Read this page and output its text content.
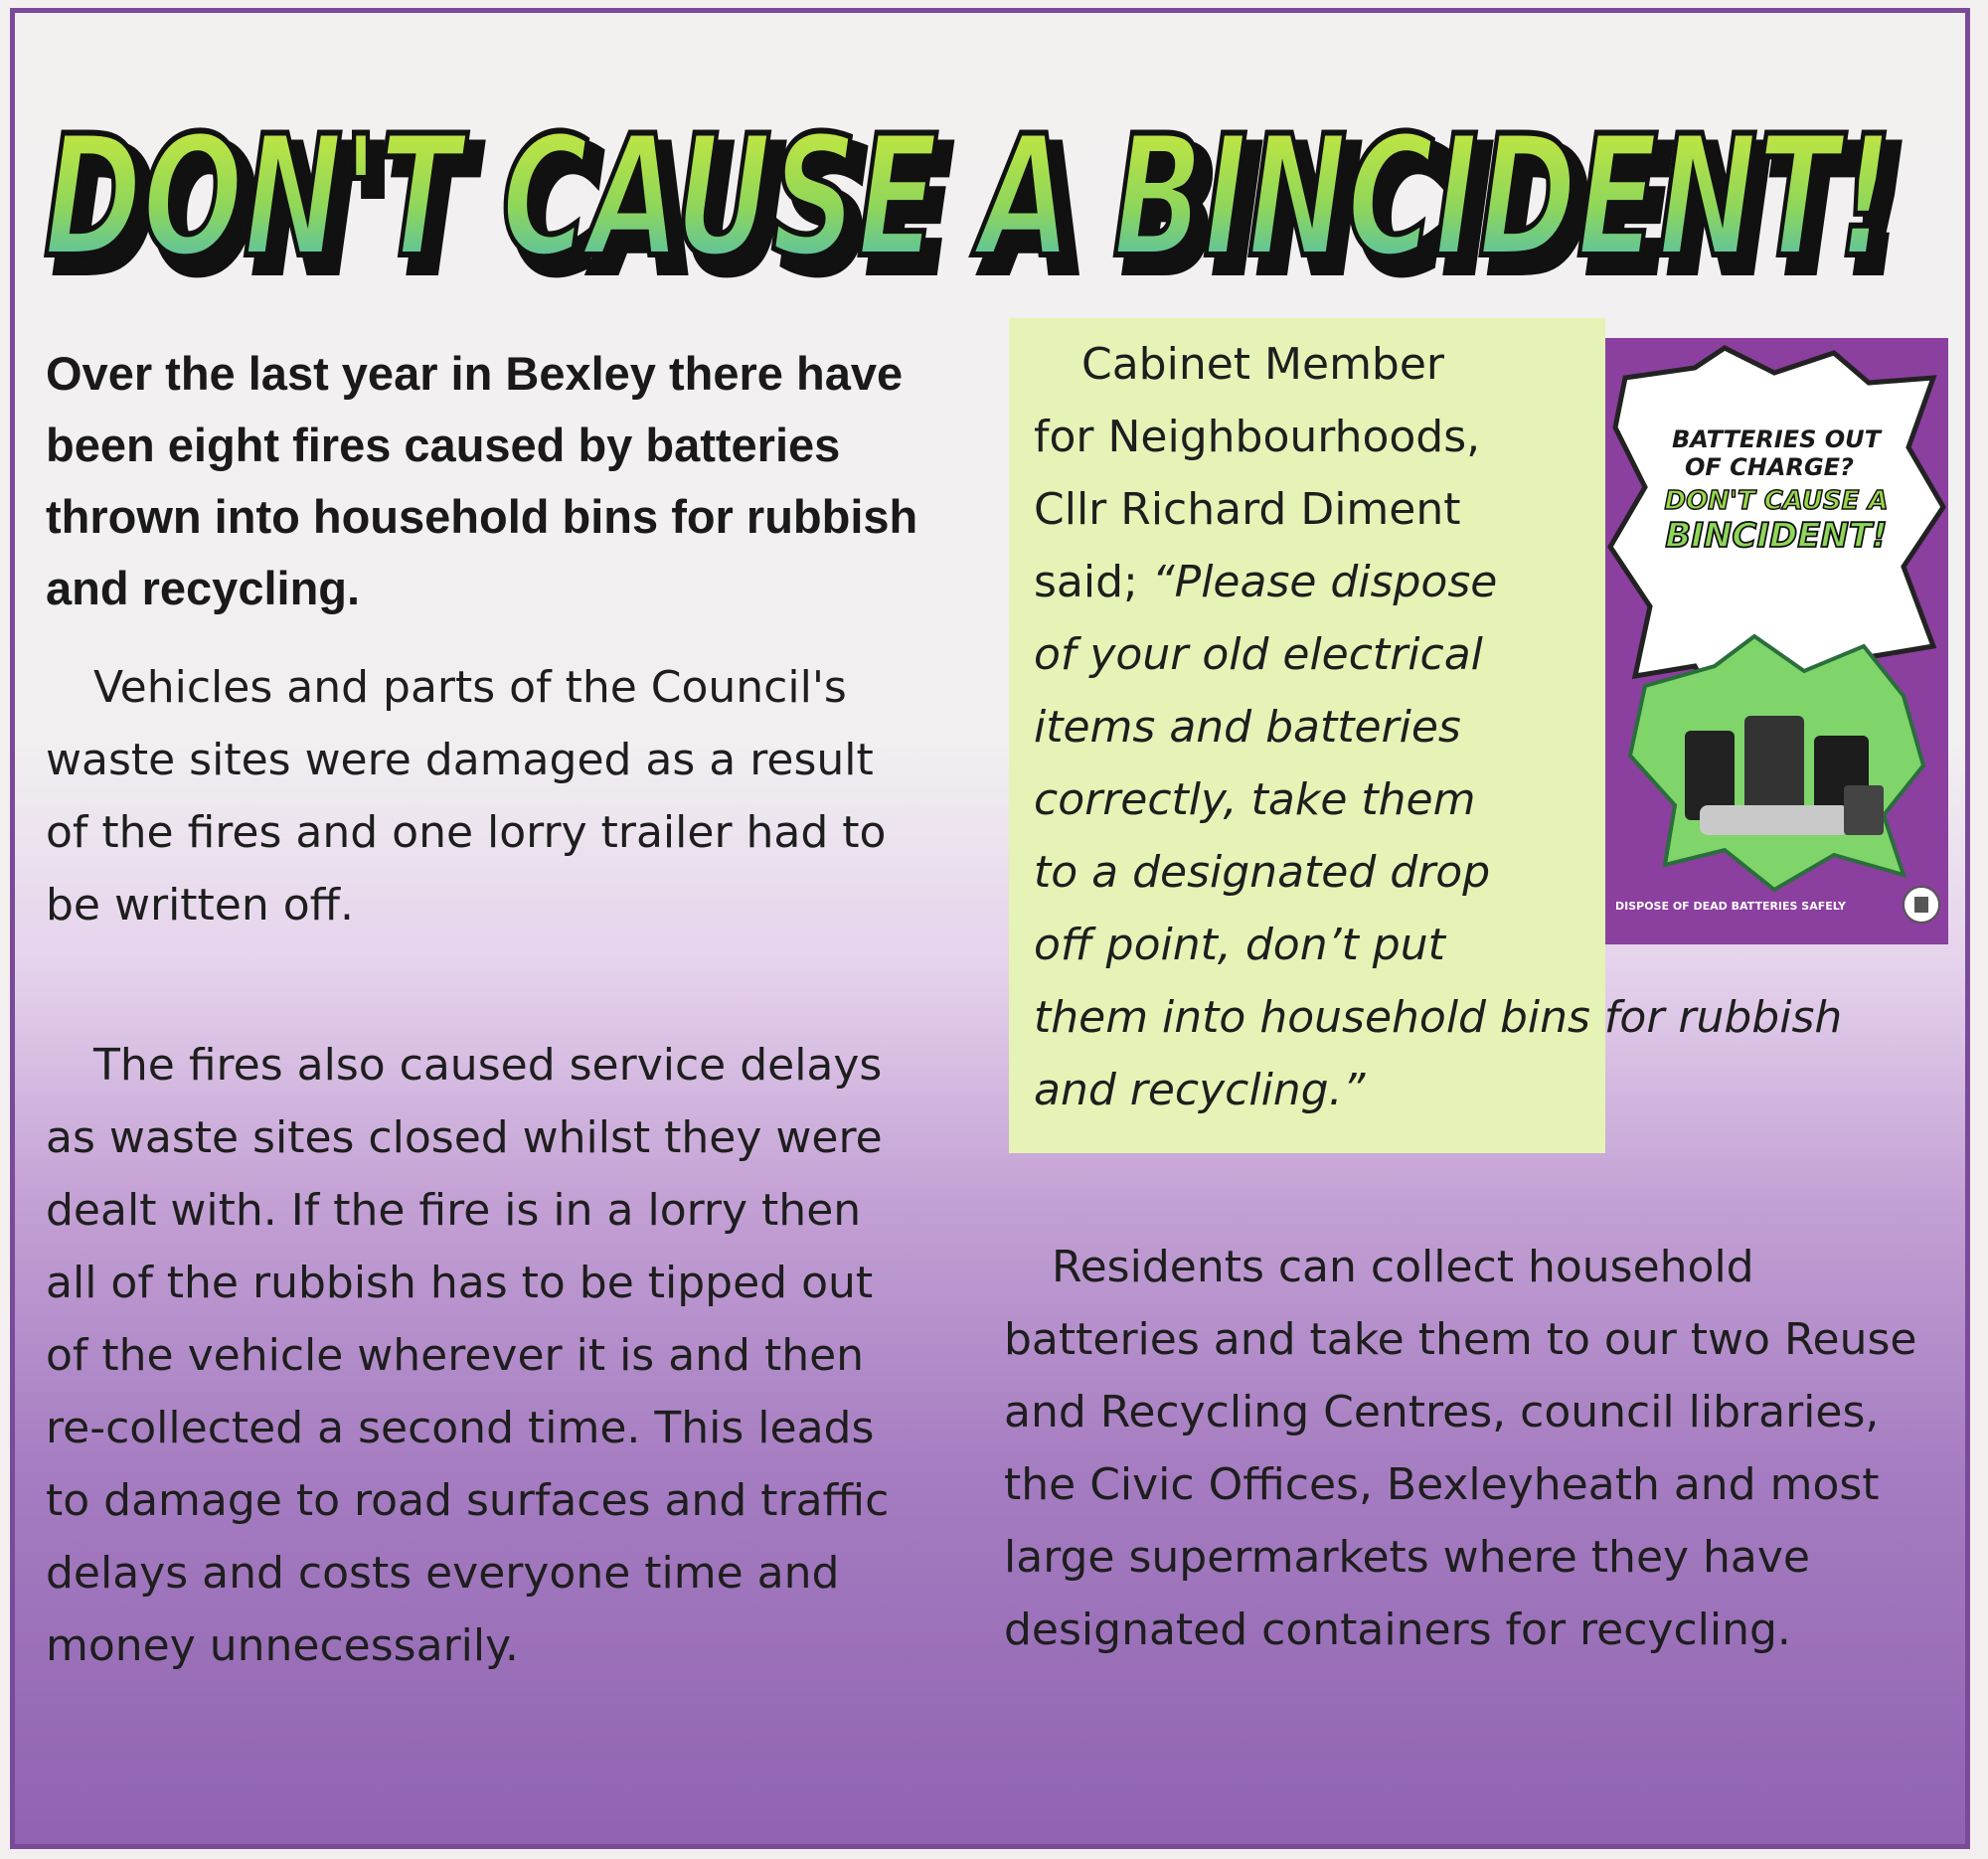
DON'T CAUSE A BINCIDENT!
DON'T CAUSE A BINCIDENT!

Over the last year in Bexley there have been eight fires caused by batteries thrown into household bins for rubbish and recycling.

Vehicles and parts of the Council's waste sites were damaged as a result of the fires and one lorry trailer had to be written off.

The fires also caused service delays as waste sites closed whilst they were dealt with. If the fire is in a lorry then all of the rubbish has to be tipped out of the vehicle wherever it is and then re-collected a second time. This leads to damage to road surfaces and traffic delays and costs everyone time and money unnecessarily.

Cabinet Member for Neighbourhoods, Cllr Richard Diment said; “Please dispose of your old electrical items and batteries correctly, take them to a designated drop off point, don’t put them into household bins for rubbish and recycling.”

BATTERIES OUT
OF CHARGE?
DON'T CAUSE A
BINCIDENT!
DISPOSE OF DEAD BATTERIES SAFELY

Residents can collect household batteries and take them to our two Reuse and Recycling Centres, council libraries, the Civic Offices, Bexleyheath and most large supermarkets where they have designated containers for recycling.
